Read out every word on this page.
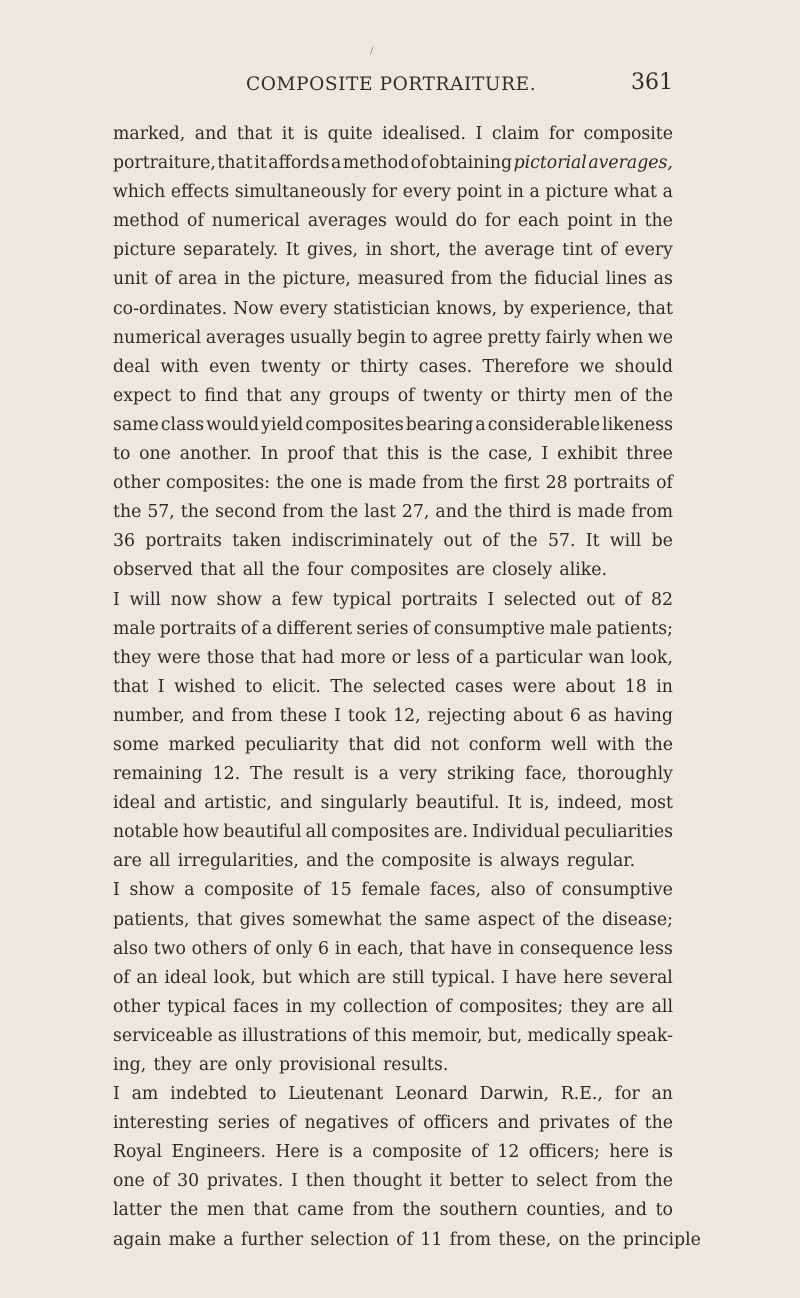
/
COMPOSITE PORTRAITURE.	361
marked, and that it is quite idealised. I claim for composite
portraiture, that it affords a method of obtaining pictorial averages,
which effects simultaneously for every point in a picture what a
method of numerical averages would do for each point in the
picture separately. It gives, in short, the average tint of every
unit of area in the picture, measured from the fiducial lines as
co-ordinates. Now every statistician knows, by experience, that
numerical averages usually begin to agree pretty fairly when we
deal with even twenty or thirty cases. Therefore we should
expect to find that any groups of twenty or thirty men of the
same class would yield composites bearing a considerable likeness
to one another. In proof that this is the case, I exhibit three
other composites: the one is made from the first 28 portraits of
the 57, the second from the last 27, and the third is made from
36 portraits taken indiscriminately out of the 57. It will be
observed that all the four composites are closely alike.
I will now show a few typical portraits I selected out of 82
male portraits of a different series of consumptive male patients;
they were those that had more or less of a particular wan look,
that I wished to elicit. The selected cases were about 18 in
number, and from these I took 12, rejecting about 6 as having
some marked peculiarity that did not conform well with the
remaining 12. The result is a very striking face, thoroughly
ideal and artistic, and singularly beautiful. It is, indeed, most
notable how beautiful all composites are. Individual peculiarities
are all irregularities, and the composite is always regular.
I show a composite of 15 female faces, also of consumptive
patients, that gives somewhat the same aspect of the disease;
also two others of only 6 in each, that have in consequence less
of an ideal look, but which are still typical. I have here several
other typical faces in my collection of composites; they are all
serviceable as illustrations of this memoir, but, medically speak-
ing, they are only provisional results.
I am indebted to Lieutenant Leonard Darwin, R.E., for an
interesting series of negatives of officers and privates of the
Royal Engineers. Here is a composite of 12 officers; here is
one of 30 privates. I then thought it better to select from the
latter the men that came from the southern counties, and to
again make a further selection of 11 from these, on the principle
